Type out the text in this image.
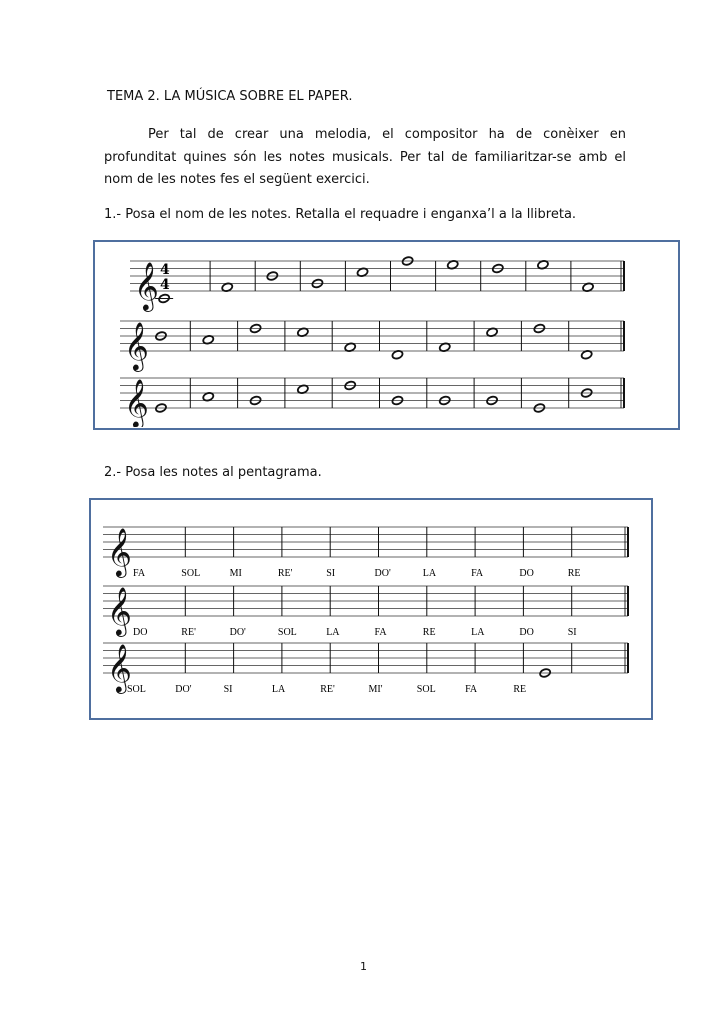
TEMA 2. LA MÚSICA SOBRE EL PAPER.
Per tal de crear una melodia, el compositor ha de conèixer en profunditat quines són les notes musicals. Per tal de familiaritzar-se amb el nom de les notes fes el següent exercici.
1.- Posa el nom de les notes. Retalla el requadre i enganxa’l a la llibreta.
𝄞 4
4
𝄞
𝄞
2.- Posa les notes al pentagrama.
𝄞 FA	SOL	MI	RE'	SI	DO'	LA	FA	DO	RE
𝄞 DO	RE'	DO'	SOL	LA	FA	RE	LA	DO	SI
𝄞
SOL	DO'	SI	LA	RE'	MI'	SOL	FA	RE
1
